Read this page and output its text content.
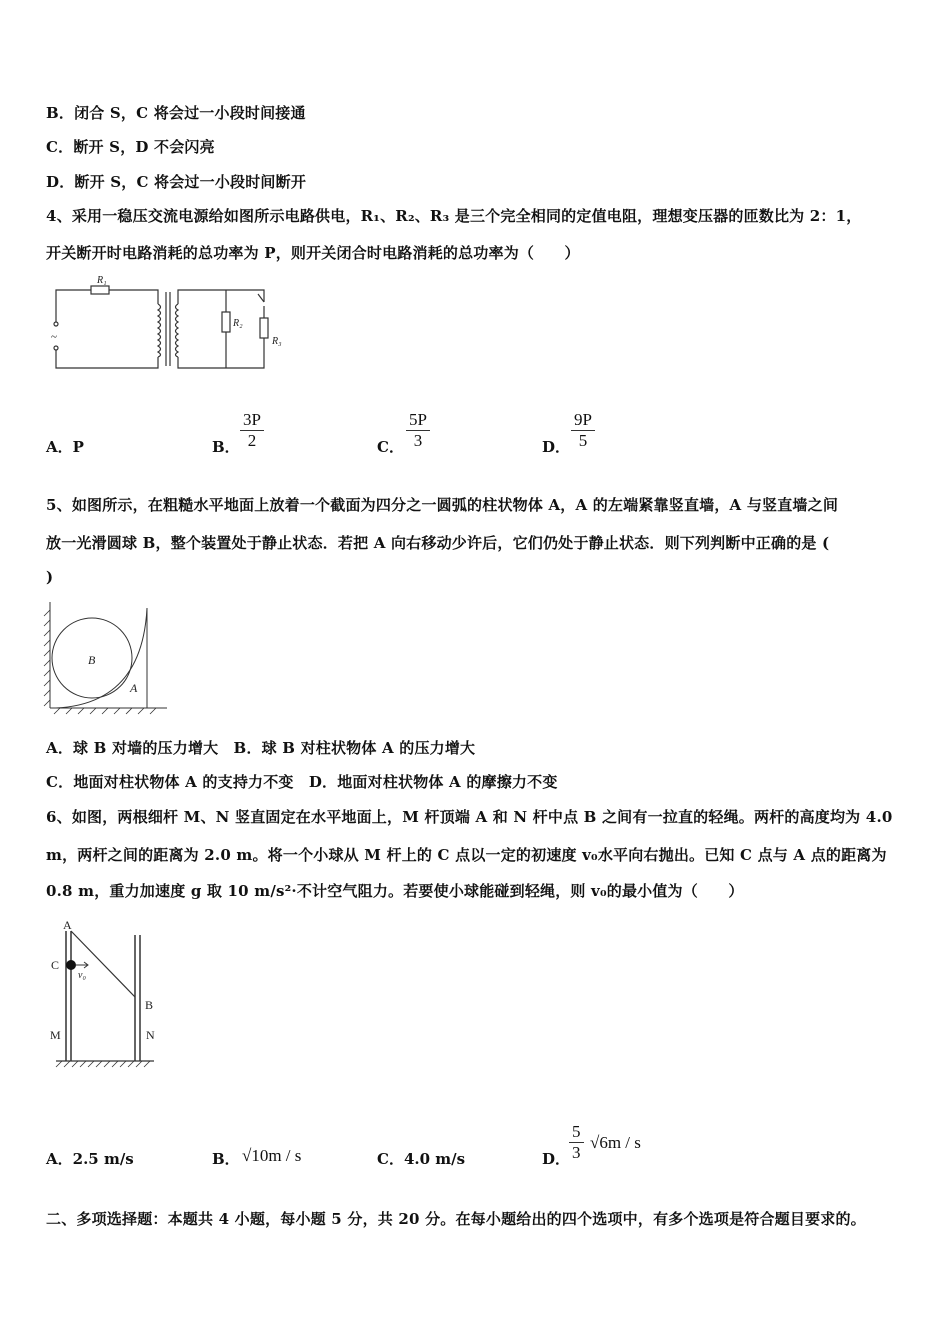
B．闭合 S，C 将会过一小段时间接通
C．断开 S，D 不会闪亮
D．断开 S，C 将会过一小段时间断开
4、采用一稳压交流电源给如图所示电路供电，R₁、R₂、R₃ 是三个完全相同的定值电阻，理想变压器的匝数比为 2：1，
开关断开时电路消耗的总功率为 P，则开关闭合时电路消耗的总功率为（　　）
R₁
R₂
R₃
~
A．P	B． $\frac{3P}{2}$	C． $\frac{5P}{3}$	D． $\frac{9P}{5}$
5、如图所示，在粗糙水平地面上放着一个截面为四分之一圆弧的柱状物体 A，A 的左端紧靠竖直墙，A 与竖直墙之间
放一光滑圆球 B，整个装置处于静止状态．若把 A 向右移动少许后，它们仍处于静止状态．则下列判断中正确的是 (
)
B
A
A．球 B 对墙的压力增大　B．球 B 对柱状物体 A 的压力增大
C．地面对柱状物体 A 的支持力不变　D．地面对柱状物体 A 的摩擦力不变
6、如图，两根细杆 M、N 竖直固定在水平地面上，M 杆顶端 A 和 N 杆中点 B 之间有一拉直的轻绳。两杆的高度均为 4.0
m，两杆之间的距离为 2.0 m。将一个小球从 M 杆上的 C 点以一定的初速度 v₀水平向右抛出。已知 C 点与 A 点的距离为
0.8 m，重力加速度 g 取 10 m/s²·不计空气阻力。若要使小球能碰到轻绳，则 v₀的最小值为（　　）
A
C
v₀
B
M	N
A．2.5 m/s	B． √10m / s	C．4.0 m/s	D．
$\frac{5}{3} √6m$ / s
二、多项选择题：本题共 4 小题，每小题 5 分，共 20 分。在每小题给出的四个选项中，有多个选项是符合题目要求的。
